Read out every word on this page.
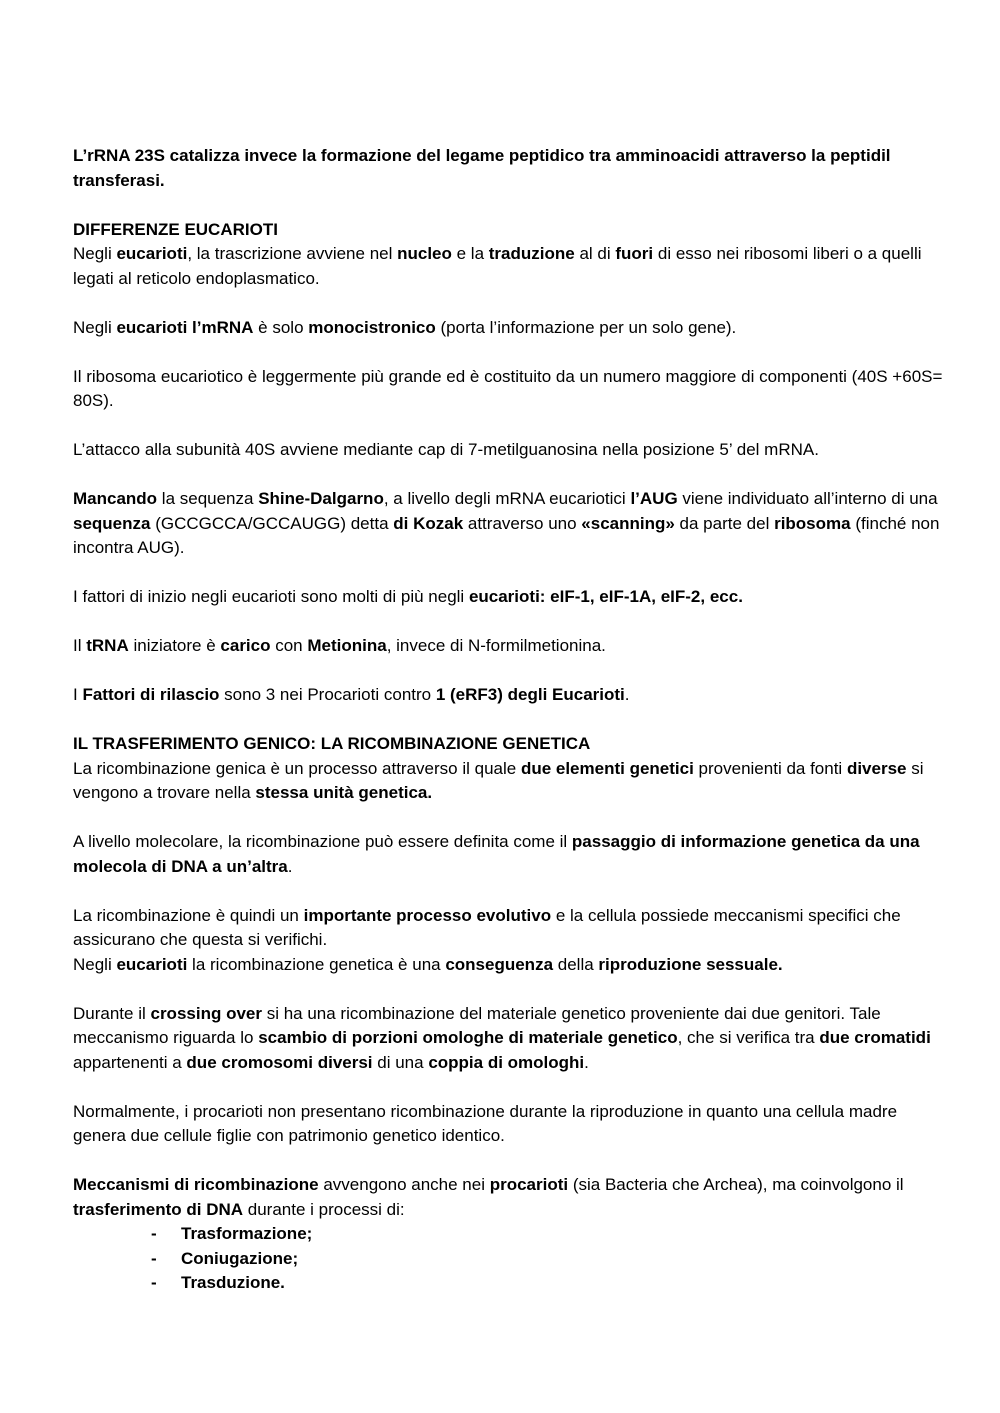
L’rRNA 23S catalizza invece la formazione del legame peptidico tra amminoacidi attraverso la peptidil transferasi.

DIFFERENZE EUCARIOTI

Negli eucarioti, la trascrizione avviene nel nucleo e la traduzione al di fuori di esso nei ribosomi liberi o a quelli legati al reticolo endoplasmatico.

Negli eucarioti l’mRNA è solo monocistronico (porta l’informazione per un solo gene).

Il ribosoma eucariotico è leggermente più grande ed è costituito da un numero maggiore di componenti (40S +60S= 80S).

L’attacco alla subunità 40S avviene mediante cap di 7-metilguanosina nella posizione 5’ del mRNA.

Mancando la sequenza Shine-Dalgarno, a livello degli mRNA eucariotici l’AUG viene individuato all’interno di una sequenza (GCCGCCA/GCCAUGG) detta di Kozak attraverso uno «scanning» da parte del ribosoma (finché non incontra AUG).

I fattori di inizio negli eucarioti sono molti di più negli eucarioti: eIF-1, eIF-1A, eIF-2, ecc.

Il tRNA iniziatore è carico con Metionina, invece di N-formilmetionina.

I Fattori di rilascio sono 3 nei Procarioti contro 1 (eRF3) degli Eucarioti.

IL TRASFERIMENTO GENICO: LA RICOMBINAZIONE GENETICA

La ricombinazione genica è un processo attraverso il quale due elementi genetici provenienti da fonti diverse si vengono a trovare nella stessa unità genetica.

A livello molecolare, la ricombinazione può essere definita come il passaggio di informazione genetica da una molecola di DNA a un’altra.

La ricombinazione è quindi un importante processo evolutivo e la cellula possiede meccanismi specifici che assicurano che questa si verifichi.

Negli eucarioti la ricombinazione genetica è una conseguenza della riproduzione sessuale.

Durante il crossing over si ha una ricombinazione del materiale genetico proveniente dai due genitori. Tale meccanismo riguarda lo scambio di porzioni omologhe di materiale genetico, che si verifica tra due cromatidi appartenenti a due cromosomi diversi di una coppia di omologhi.

Normalmente, i procarioti non presentano ricombinazione durante la riproduzione in quanto una cellula madre genera due cellule figlie con patrimonio genetico identico.

Meccanismi di ricombinazione avvengono anche nei procarioti (sia Bacteria che Archea), ma coinvolgono il trasferimento di DNA durante i processi di:

- Trasformazione;
- Coniugazione;
- Trasduzione.
